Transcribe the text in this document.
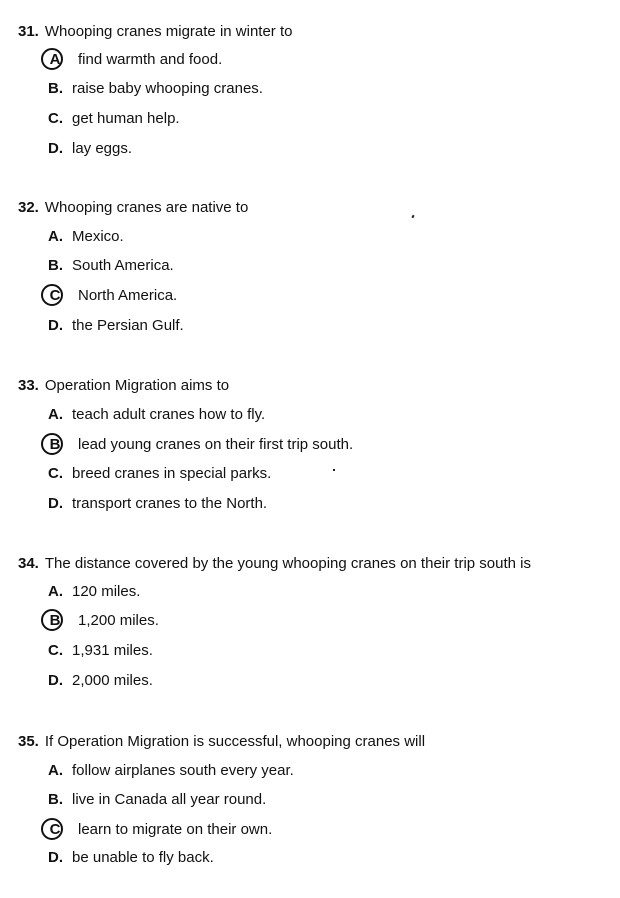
31. Whooping cranes migrate in winter to
A find warmth and food.
B. raise baby whooping cranes.
C. get human help.
D. lay eggs.
32. Whooping cranes are native to
A. Mexico.
B. South America.
C North America.
D. the Persian Gulf.
33. Operation Migration aims to
A. teach adult cranes how to fly.
B lead young cranes on their first trip south.
C. breed cranes in special parks.
D. transport cranes to the North.
34. The distance covered by the young whooping cranes on their trip south is
A. 120 miles.
B 1,200 miles.
C. 1,931 miles.
D. 2,000 miles.
35. If Operation Migration is successful, whooping cranes will
A. follow airplanes south every year.
B. live in Canada all year round.
C learn to migrate on their own.
D. be unable to fly back.
